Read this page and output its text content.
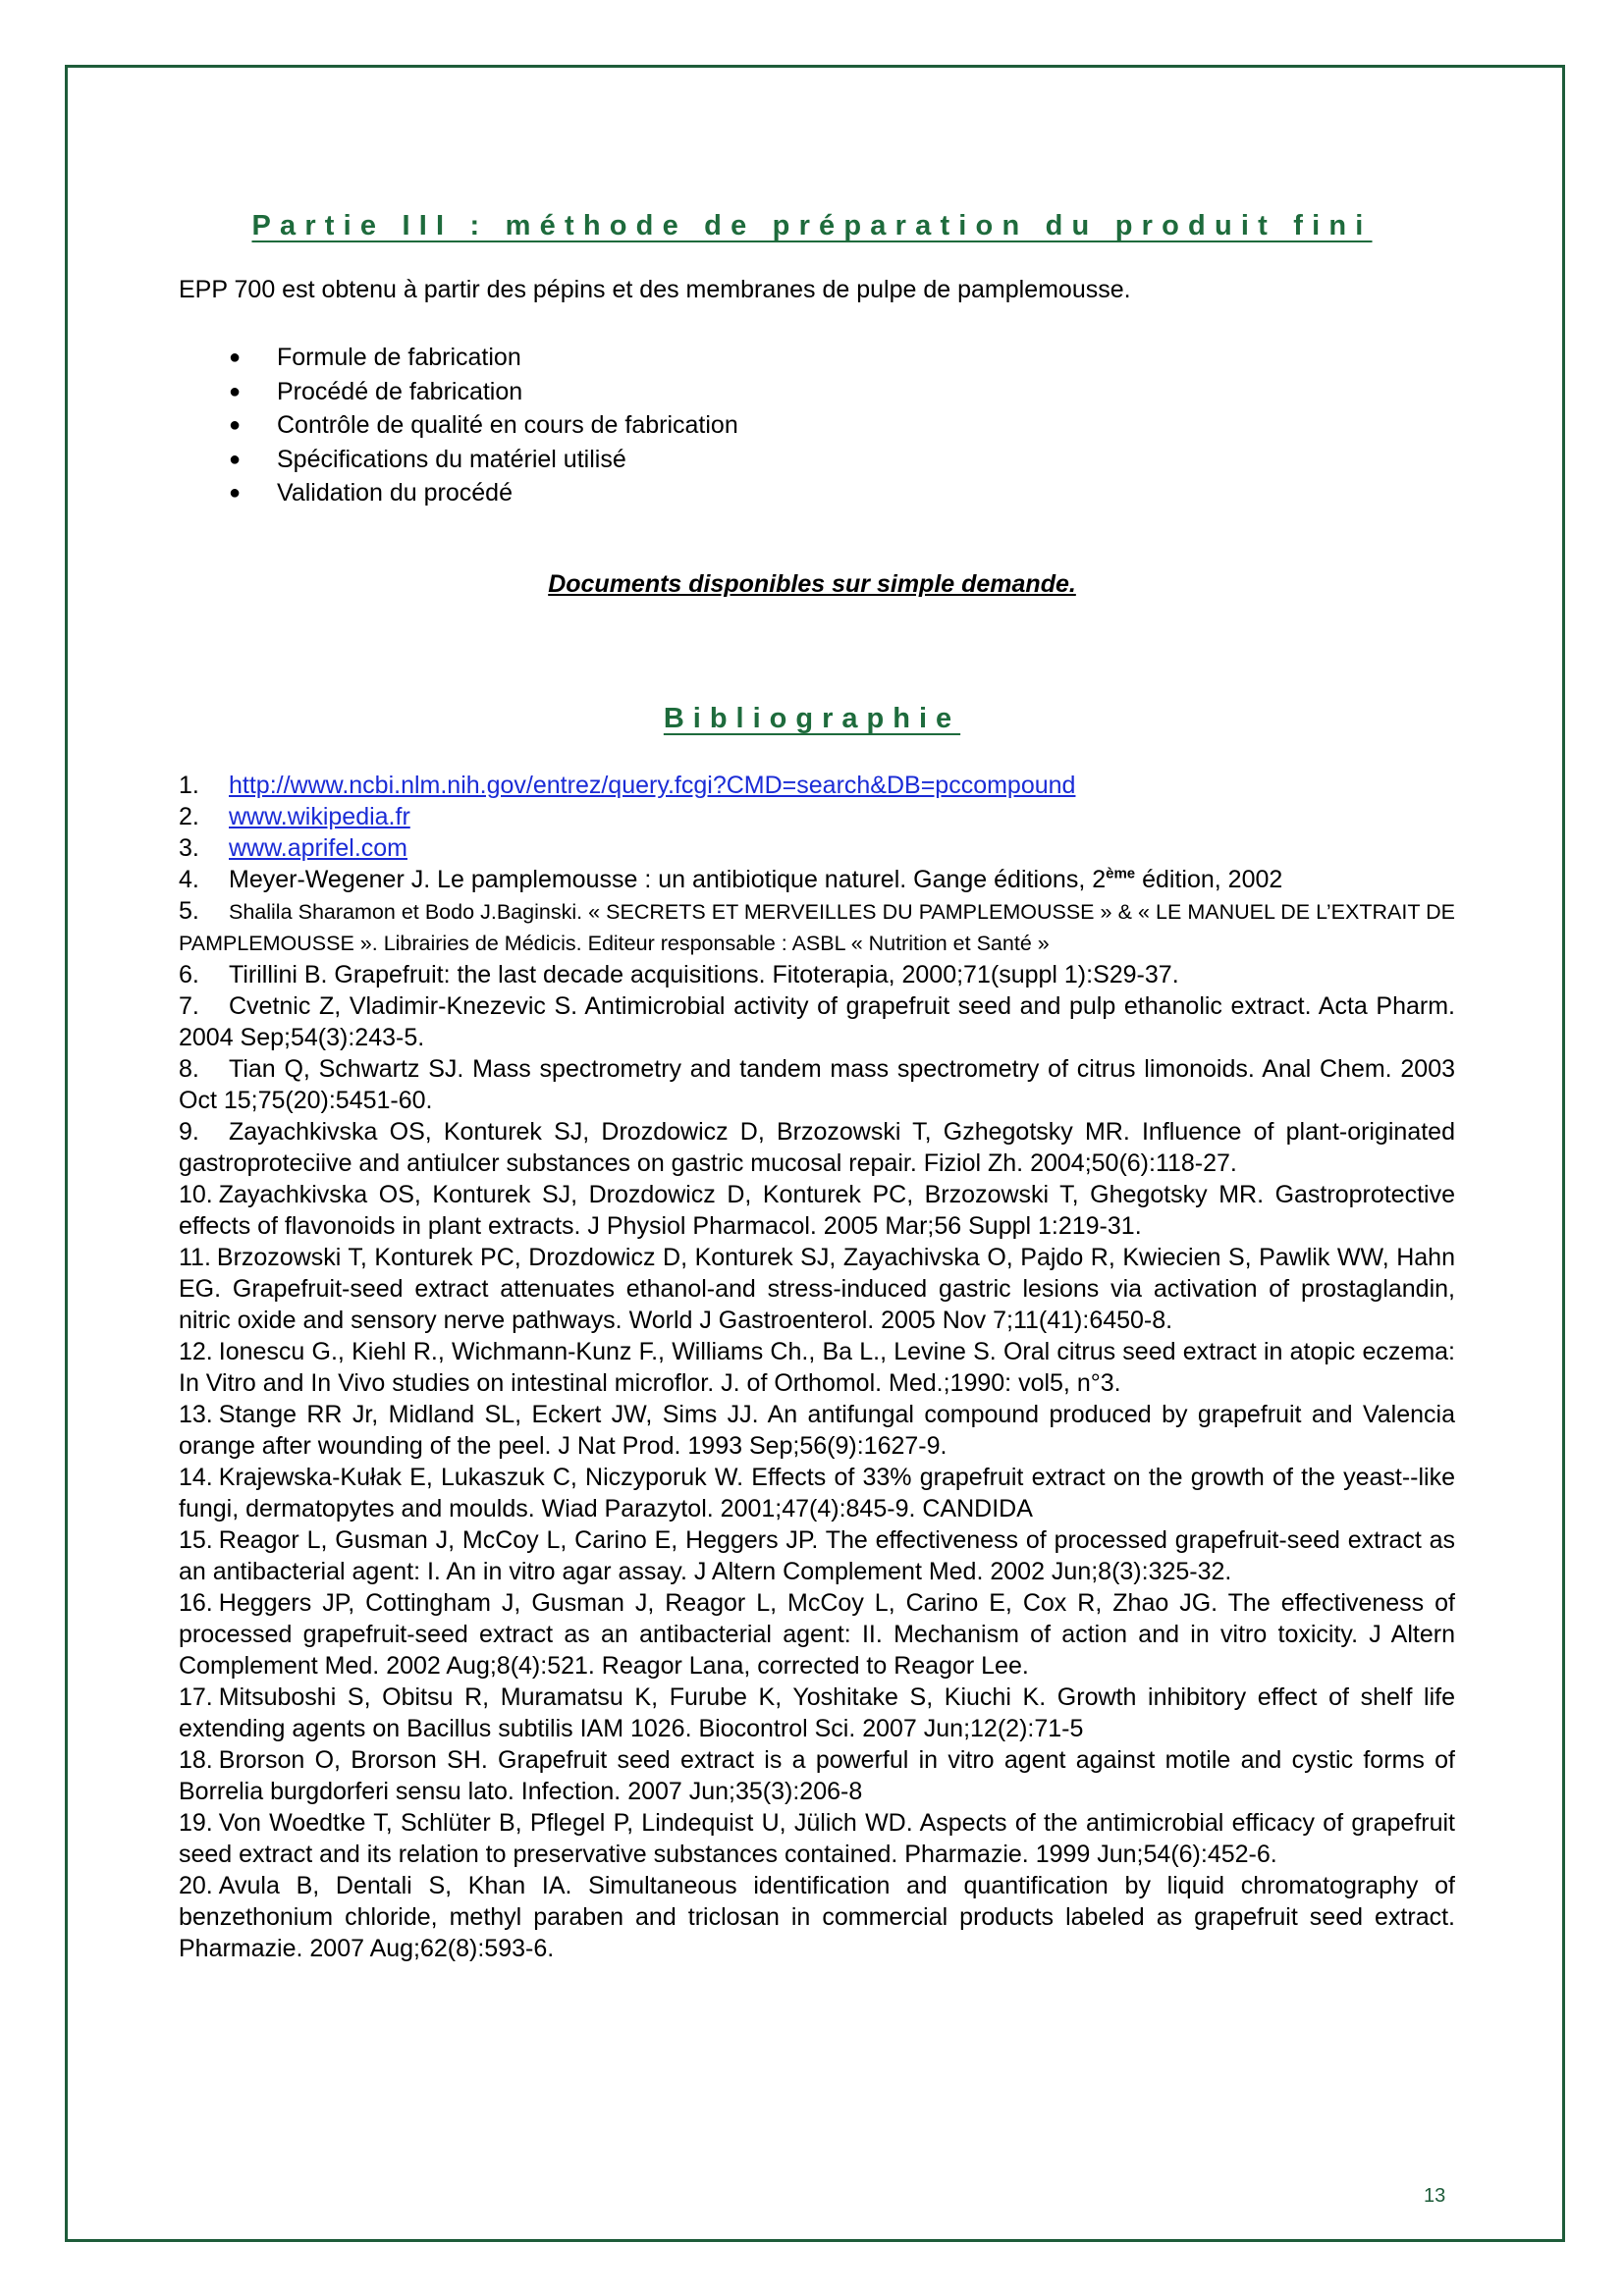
Partie III : méthode de préparation du produit fini
EPP 700 est obtenu à partir des pépins et des membranes de pulpe de pamplemousse.
● Formule de fabrication
● Procédé de fabrication
● Contrôle de qualité en cours de fabrication
● Spécifications du matériel utilisé
● Validation du procédé
Documents disponibles sur simple demande.
Bibliographie
1. http://www.ncbi.nlm.nih.gov/entrez/query.fcgi?CMD=search&DB=pccompound
2. www.wikipedia.fr
3. www.aprifel.com
4. Meyer-Wegener J. Le pamplemousse : un antibiotique naturel. Gange éditions, 2ème édition, 2002
5. Shalila Sharamon et Bodo J.Baginski. « SECRETS ET MERVEILLES DU PAMPLEMOUSSE » & « LE MANUEL DE L’EXTRAIT DE PAMPLEMOUSSE ». Librairies de Médicis. Editeur responsable : ASBL « Nutrition et Santé »
6. Tirillini B. Grapefruit: the last decade acquisitions. Fitoterapia, 2000;71(suppl 1):S29-37.
7. Cvetnic Z, Vladimir-Knezevic S. Antimicrobial activity of grapefruit seed and pulp ethanolic extract. Acta Pharm. 2004 Sep;54(3):243-5.
8. Tian Q, Schwartz SJ. Mass spectrometry and tandem mass spectrometry of citrus limonoids. Anal Chem. 2003 Oct 15;75(20):5451-60.
9. Zayachkivska OS, Konturek SJ, Drozdowicz D, Brzozowski T, Gzhegotsky MR. Influence of plant-originated gastroproteciive and antiulcer substances on gastric mucosal repair. Fiziol Zh. 2004;50(6):118-27.
10. Zayachkivska OS, Konturek SJ, Drozdowicz D, Konturek PC, Brzozowski T, Ghegotsky MR. Gastroprotective effects of flavonoids in plant extracts. J Physiol Pharmacol. 2005 Mar;56 Suppl 1:219-31.
11. Brzozowski T, Konturek PC, Drozdowicz D, Konturek SJ, Zayachivska O, Pajdo R, Kwiecien S, Pawlik WW, Hahn EG. Grapefruit-seed extract attenuates ethanol-and stress-induced gastric lesions via activation of prostaglandin, nitric oxide and sensory nerve pathways. World J Gastroenterol. 2005 Nov 7;11(41):6450-8.
12. Ionescu G., Kiehl R., Wichmann-Kunz F., Williams Ch., Ba L., Levine S. Oral citrus seed extract in atopic eczema: In Vitro and In Vivo studies on intestinal microflor. J. of Orthomol. Med.;1990: vol5, n°3.
13. Stange RR Jr, Midland SL, Eckert JW, Sims JJ. An antifungal compound produced by grapefruit and Valencia orange after wounding of the peel. J Nat Prod. 1993 Sep;56(9):1627-9.
14. Krajewska-Kułak E, Lukaszuk C, Niczyporuk W. Effects of 33% grapefruit extract on the growth of the yeast--like fungi, dermatopytes and moulds. Wiad Parazytol. 2001;47(4):845-9. CANDIDA
15. Reagor L, Gusman J, McCoy L, Carino E, Heggers JP. The effectiveness of processed grapefruit-seed extract as an antibacterial agent: I. An in vitro agar assay. J Altern Complement Med. 2002 Jun;8(3):325-32.
16. Heggers JP, Cottingham J, Gusman J, Reagor L, McCoy L, Carino E, Cox R, Zhao JG. The effectiveness of processed grapefruit-seed extract as an antibacterial agent: II. Mechanism of action and in vitro toxicity. J Altern Complement Med. 2002 Aug;8(4):521. Reagor Lana, corrected to Reagor Lee.
17. Mitsuboshi S, Obitsu R, Muramatsu K, Furube K, Yoshitake S, Kiuchi K. Growth inhibitory effect of shelf life extending agents on Bacillus subtilis IAM 1026. Biocontrol Sci. 2007 Jun;12(2):71-5
18. Brorson O, Brorson SH. Grapefruit seed extract is a powerful in vitro agent against motile and cystic forms of Borrelia burgdorferi sensu lato. Infection. 2007 Jun;35(3):206-8
19. Von Woedtke T, Schlüter B, Pflegel P, Lindequist U, Jülich WD. Aspects of the antimicrobial efficacy of grapefruit seed extract and its relation to preservative substances contained. Pharmazie. 1999 Jun;54(6):452-6.
20. Avula B, Dentali S, Khan IA. Simultaneous identification and quantification by liquid chromatography of benzethonium chloride, methyl paraben and triclosan in commercial products labeled as grapefruit seed extract. Pharmazie. 2007 Aug;62(8):593-6.
13
